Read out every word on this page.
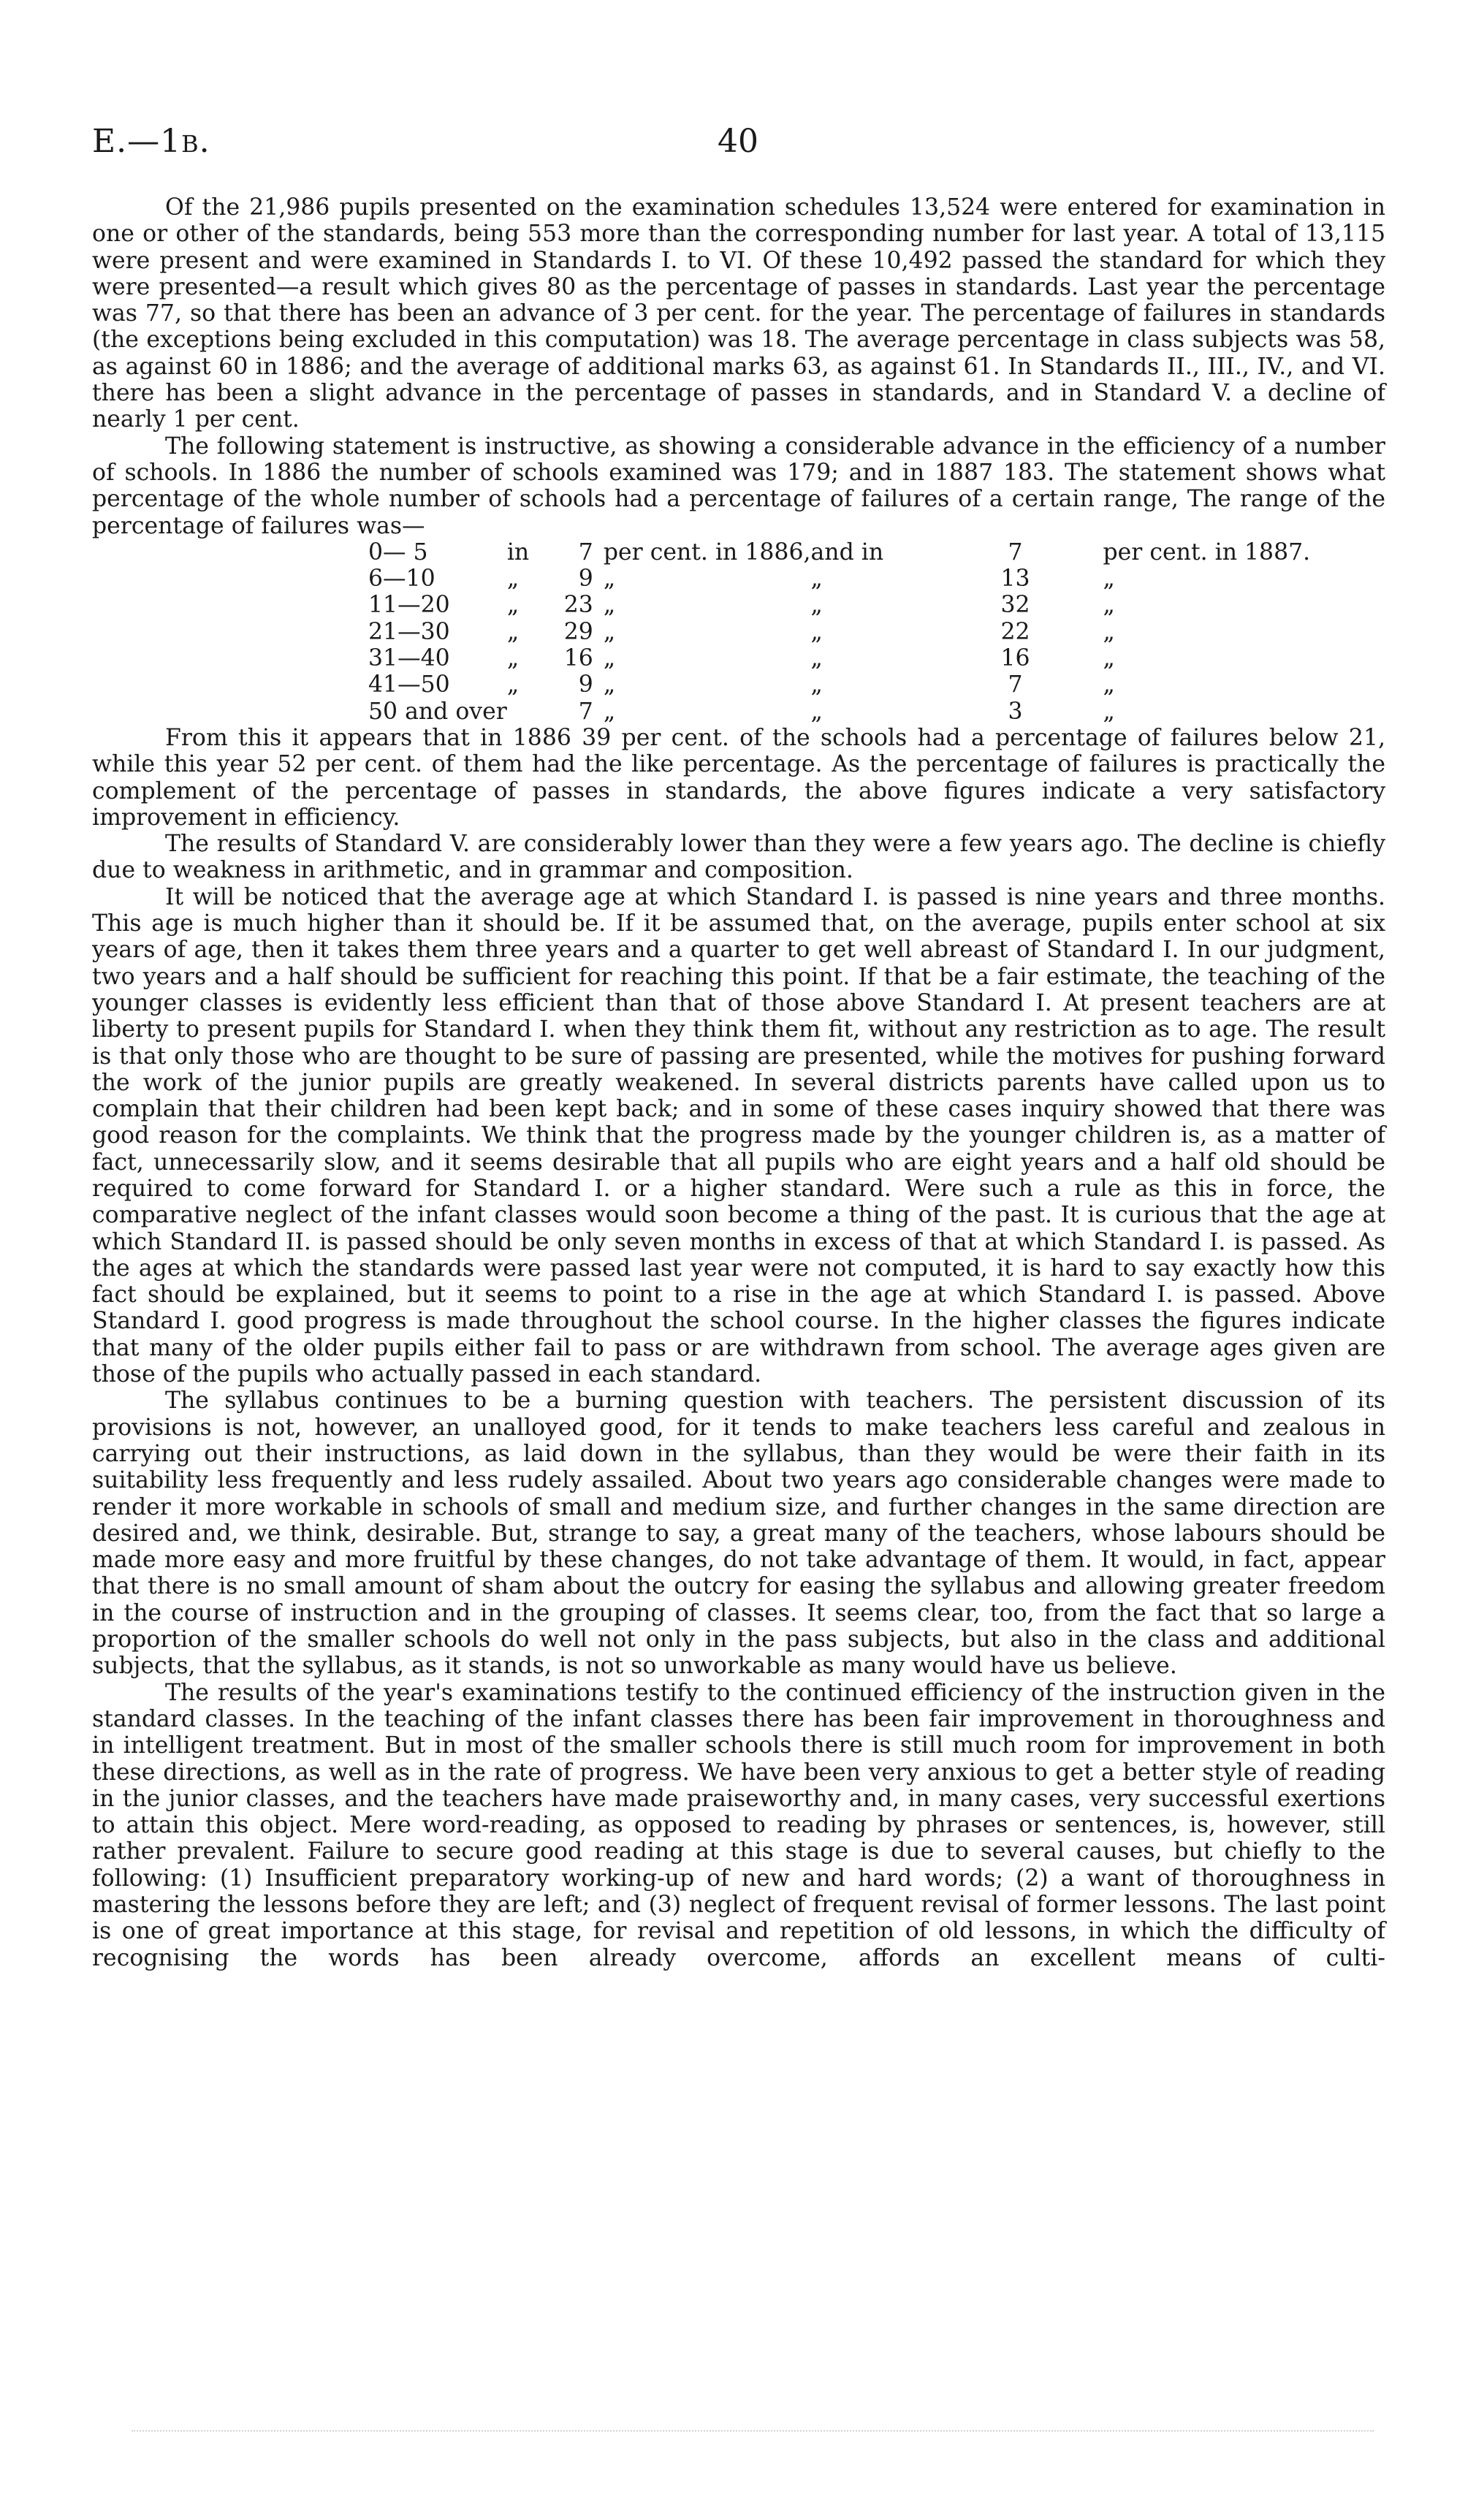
E.—1B.	40

Of the 21,986 pupils presented on the examination schedules 13,524 were entered for examination in one or other of the standards, being 553 more than the corresponding number for last year. A total of 13,115 were present and were examined in Standards I. to VI. Of these 10,492 passed the standard for which they were presented—a result which gives 80 as the percentage of passes in standards. Last year the percentage was 77, so that there has been an advance of 3 per cent. for the year. The percentage of failures in standards (the exceptions being excluded in this computation) was 18. The average percentage in class subjects was 58, as against 60 in 1886; and the average of additional marks 63, as against 61. In Standards II., III., IV., and VI. there has been a slight advance in the percentage of passes in standards, and in Standard V. a decline of nearly 1 per cent.

The following statement is instructive, as showing a considerable advance in the efficiency of a number of schools. In 1886 the number of schools examined was 179; and in 1887 183. The statement shows what percentage of the whole number of schools had a percentage of failures of a certain range, The range of the percentage of failures was—

0— 5	in	7	per cent. in 1886,	and in	7	per cent. in 1887.
6—10	„	9	„	„	13	„
11—20	„	23	„	„	32	„
21—30	„	29	„	„	22	„
31—40	„	16	„	„	16	„
41—50	„	9	„	„	7	„
50 and over		7	„	„	3	„

From this it appears that in 1886 39 per cent. of the schools had a percentage of failures below 21, while this year 52 per cent. of them had the like percentage. As the percentage of failures is practically the complement of the percentage of passes in standards, the above figures indicate a very satisfactory improvement in efficiency.

The results of Standard V. are considerably lower than they were a few years ago. The decline is chiefly due to weakness in arithmetic, and in grammar and composition.

It will be noticed that the average age at which Standard I. is passed is nine years and three months. This age is much higher than it should be. If it be assumed that, on the average, pupils enter school at six years of age, then it takes them three years and a quarter to get well abreast of Standard I. In our judgment, two years and a half should be sufficient for reaching this point. If that be a fair estimate, the teaching of the younger classes is evidently less efficient than that of those above Standard I. At present teachers are at liberty to present pupils for Standard I. when they think them fit, without any restriction as to age. The result is that only those who are thought to be sure of passing are presented, while the motives for pushing forward the work of the junior pupils are greatly weakened. In several districts parents have called upon us to complain that their children had been kept back; and in some of these cases inquiry showed that there was good reason for the complaints. We think that the progress made by the younger children is, as a matter of fact, unnecessarily slow, and it seems desirable that all pupils who are eight years and a half old should be required to come forward for Standard I. or a higher standard. Were such a rule as this in force, the comparative neglect of the infant classes would soon become a thing of the past. It is curious that the age at which Standard II. is passed should be only seven months in excess of that at which Standard I. is passed. As the ages at which the standards were passed last year were not computed, it is hard to say exactly how this fact should be explained, but it seems to point to a rise in the age at which Standard I. is passed. Above Standard I. good progress is made throughout the school course. In the higher classes the figures indicate that many of the older pupils either fail to pass or are withdrawn from school. The average ages given are those of the pupils who actually passed in each standard.

The syllabus continues to be a burning question with teachers. The persistent discussion of its provisions is not, however, an unalloyed good, for it tends to make teachers less careful and zealous in carrying out their instructions, as laid down in the syllabus, than they would be were their faith in its suitability less frequently and less rudely assailed. About two years ago considerable changes were made to render it more workable in schools of small and medium size, and further changes in the same direction are desired and, we think, desirable. But, strange to say, a great many of the teachers, whose labours should be made more easy and more fruitful by these changes, do not take advantage of them. It would, in fact, appear that there is no small amount of sham about the outcry for easing the syllabus and allowing greater freedom in the course of instruction and in the grouping of classes. It seems clear, too, from the fact that so large a proportion of the smaller schools do well not only in the pass subjects, but also in the class and additional subjects, that the syllabus, as it stands, is not so unworkable as many would have us believe.

The results of the year's examinations testify to the continued efficiency of the instruction given in the standard classes. In the teaching of the infant classes there has been fair improvement in thoroughness and in intelligent treatment. But in most of the smaller schools there is still much room for improvement in both these directions, as well as in the rate of progress. We have been very anxious to get a better style of reading in the junior classes, and the teachers have made praiseworthy and, in many cases, very successful exertions to attain this object. Mere word-reading, as opposed to reading by phrases or sentences, is, however, still rather prevalent. Failure to secure good reading at this stage is due to several causes, but chiefly to the following: (1) Insufficient preparatory working-up of new and hard words; (2) a want of thoroughness in mastering the lessons before they are left; and (3) neglect of frequent revisal of former lessons. The last point is one of great importance at this stage, for revisal and repetition of old lessons, in which the difficulty of recognising the words has been already overcome, affords an excellent means of culti-
